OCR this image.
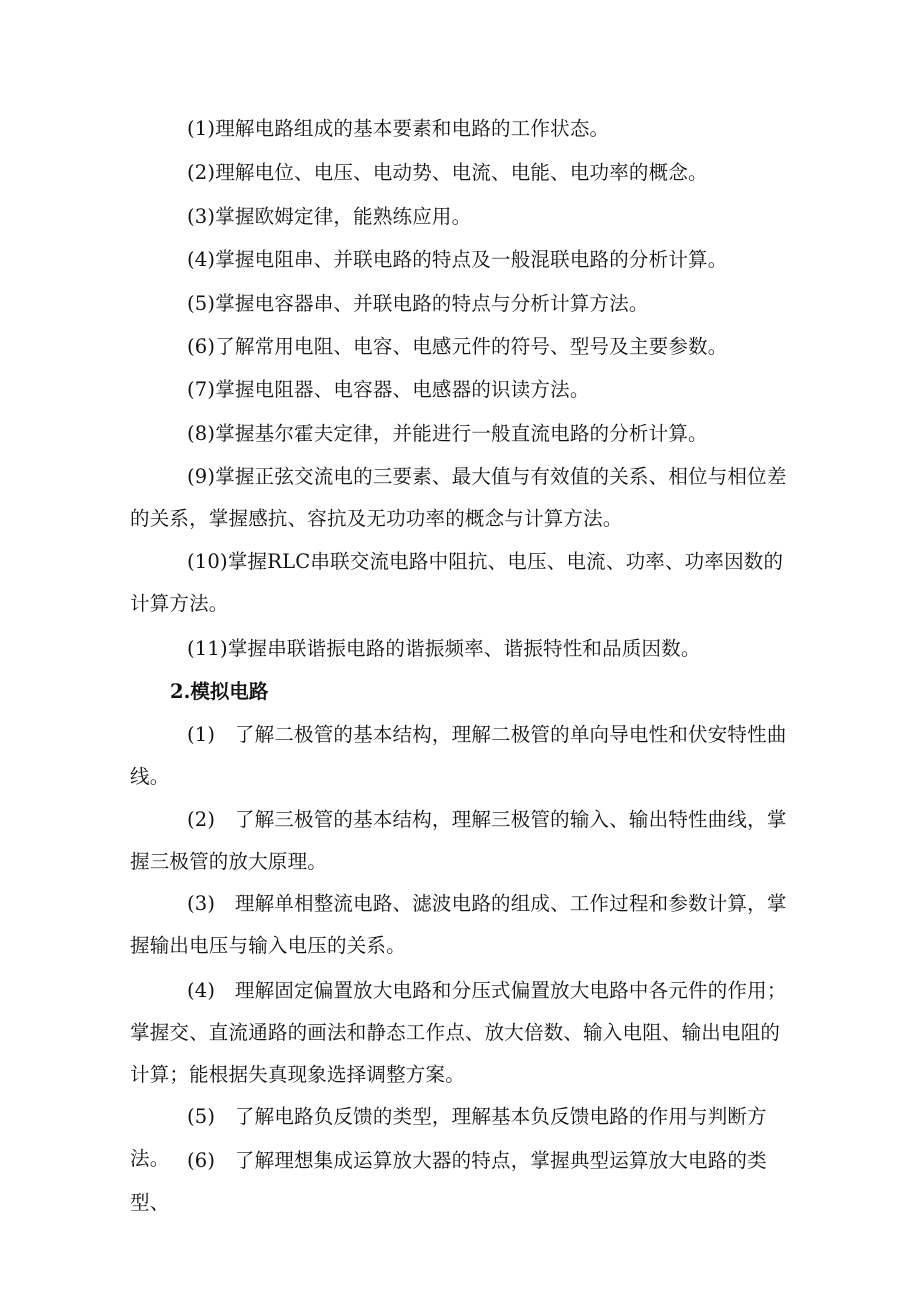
(1)理解电路组成的基本要素和电路的工作状态。

(2)理解电位、电压、电动势、电流、电能、电功率的概念。

(3)掌握欧姆定律，能熟练应用。

(4)掌握电阻串、并联电路的特点及一般混联电路的分析计算。

(5)掌握电容器串、并联电路的特点与分析计算方法。

(6)了解常用电阻、电容、电感元件的符号、型号及主要参数。

(7)掌握电阻器、电容器、电感器的识读方法。

(8)掌握基尔霍夫定律，并能进行一般直流电路的分析计算。

(9)掌握正弦交流电的三要素、最大值与有效值的关系、相位与相位差的关系，掌握感抗、容抗及无功功率的概念与计算方法。

(10)掌握RLC串联交流电路中阻抗、电压、电流、功率、功率因数的计算方法。

(11)掌握串联谐振电路的谐振频率、谐振特性和品质因数。

2.模拟电路

(1)　了解二极管的基本结构，理解二极管的单向导电性和伏安特性曲线。

(2)　了解三极管的基本结构，理解三极管的输入、输出特性曲线，掌握三极管的放大原理。

(3)　理解单相整流电路、滤波电路的组成、工作过程和参数计算，掌握输出电压与输入电压的关系。

(4)　理解固定偏置放大电路和分压式偏置放大电路中各元件的作用；掌握交、直流通路的画法和静态工作点、放大倍数、输入电阻、输出电阻的计算；能根据失真现象选择调整方案。

(5)　了解电路负反馈的类型，理解基本负反馈电路的作用与判断方法。 (6)　了解理想集成运算放大器的特点，掌握典型运算放大电路的类型、
